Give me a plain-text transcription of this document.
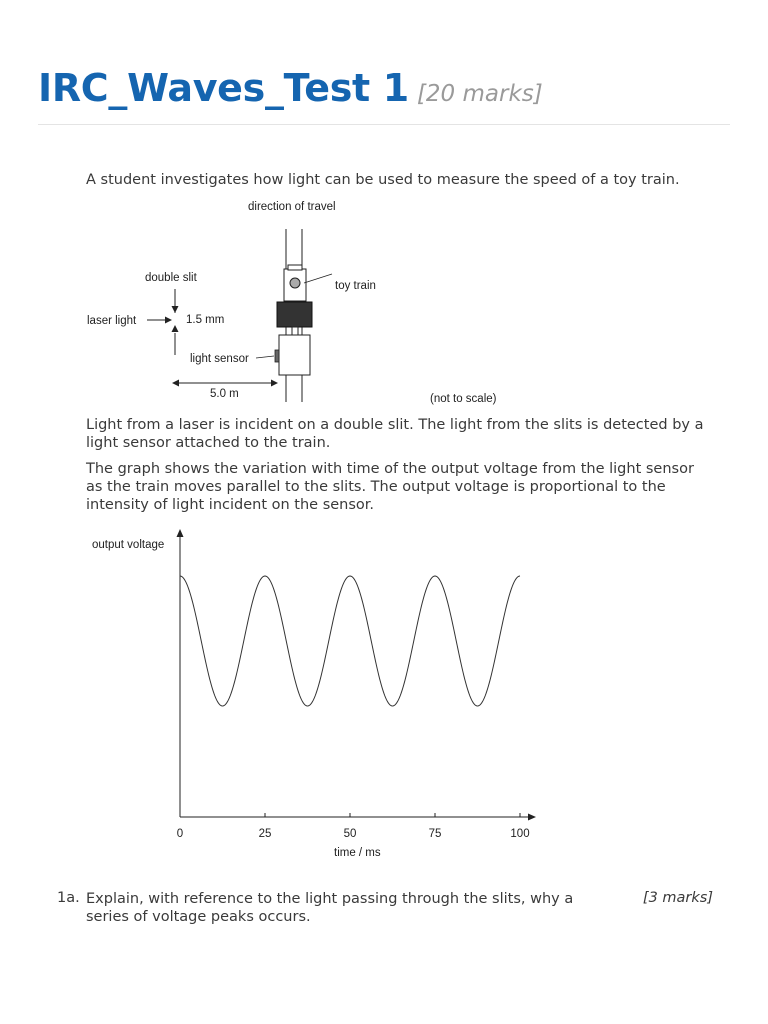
IRC_Waves_Test 1 [20 marks]

A student investigates how light can be used to measure the speed of a toy train.

direction of travel
toy train
double slit
1.5 mm
laser light
light sensor
5.0 m	(not to scale)

Light from a laser is incident on a double slit. The light from the slits is detected by a light sensor attached to the train.

The graph shows the variation with time of the output voltage from the light sensor as the train moves parallel to the slits. The output voltage is proportional to the intensity of light incident on the sensor.

output voltage
0	25	50	75	100
time / ms
1a. Explain, with reference to the light passing through the slits, why a series of voltage peaks occurs.

[3 marks]
